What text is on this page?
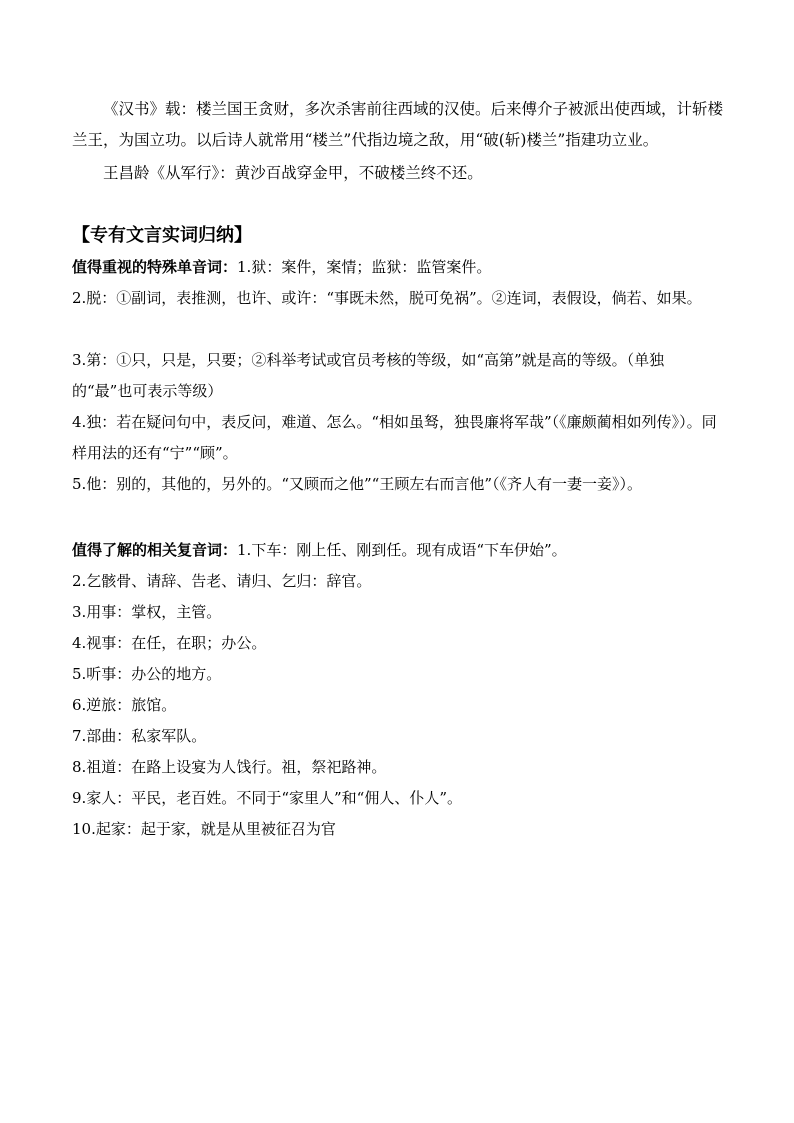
《汉书》载：楼兰国王贪财，多次杀害前往西域的汉使。后来傅介子被派出使西域，计斩楼兰王，为国立功。以后诗人就常用“楼兰”代指边境之敌，用“破(斩)楼兰”指建功立业。

王昌龄《从军行》：黄沙百战穿金甲，不破楼兰终不还。

【专有文言实词归纳】

值得重视的特殊单音词：1.狱：案件，案情；监狱：监管案件。

2.脱：①副词，表推测，也许、或许：“事既未然，脱可免祸”。②连词，表假设，倘若、如果。

3.第：①只，只是，只要；②科举考试或官员考核的等级，如“高第”就是高的等级。（单独的“最”也可表示等级）

4.独：若在疑问句中，表反问，难道、怎么。“相如虽驽，独畏廉将军哉”（《廉颇蔺相如列传》）。同样用法的还有“宁”“顾”。

5.他：别的，其他的，另外的。“又顾而之他”“王顾左右而言他”（《齐人有一妻一妾》）。

值得了解的相关复音词：1.下车：刚上任、刚到任。现有成语“下车伊始”。

2.乞骸骨、请辞、告老、请归、乞归：辞官。

3.用事：掌权，主管。

4.视事：在任，在职；办公。

5.听事：办公的地方。

6.逆旅：旅馆。

7.部曲：私家军队。

8.祖道：在路上设宴为人饯行。祖，祭祀路神。

9.家人：平民，老百姓。不同于“家里人”和“佣人、仆人”。

10.起家：起于家，就是从里被征召为官
